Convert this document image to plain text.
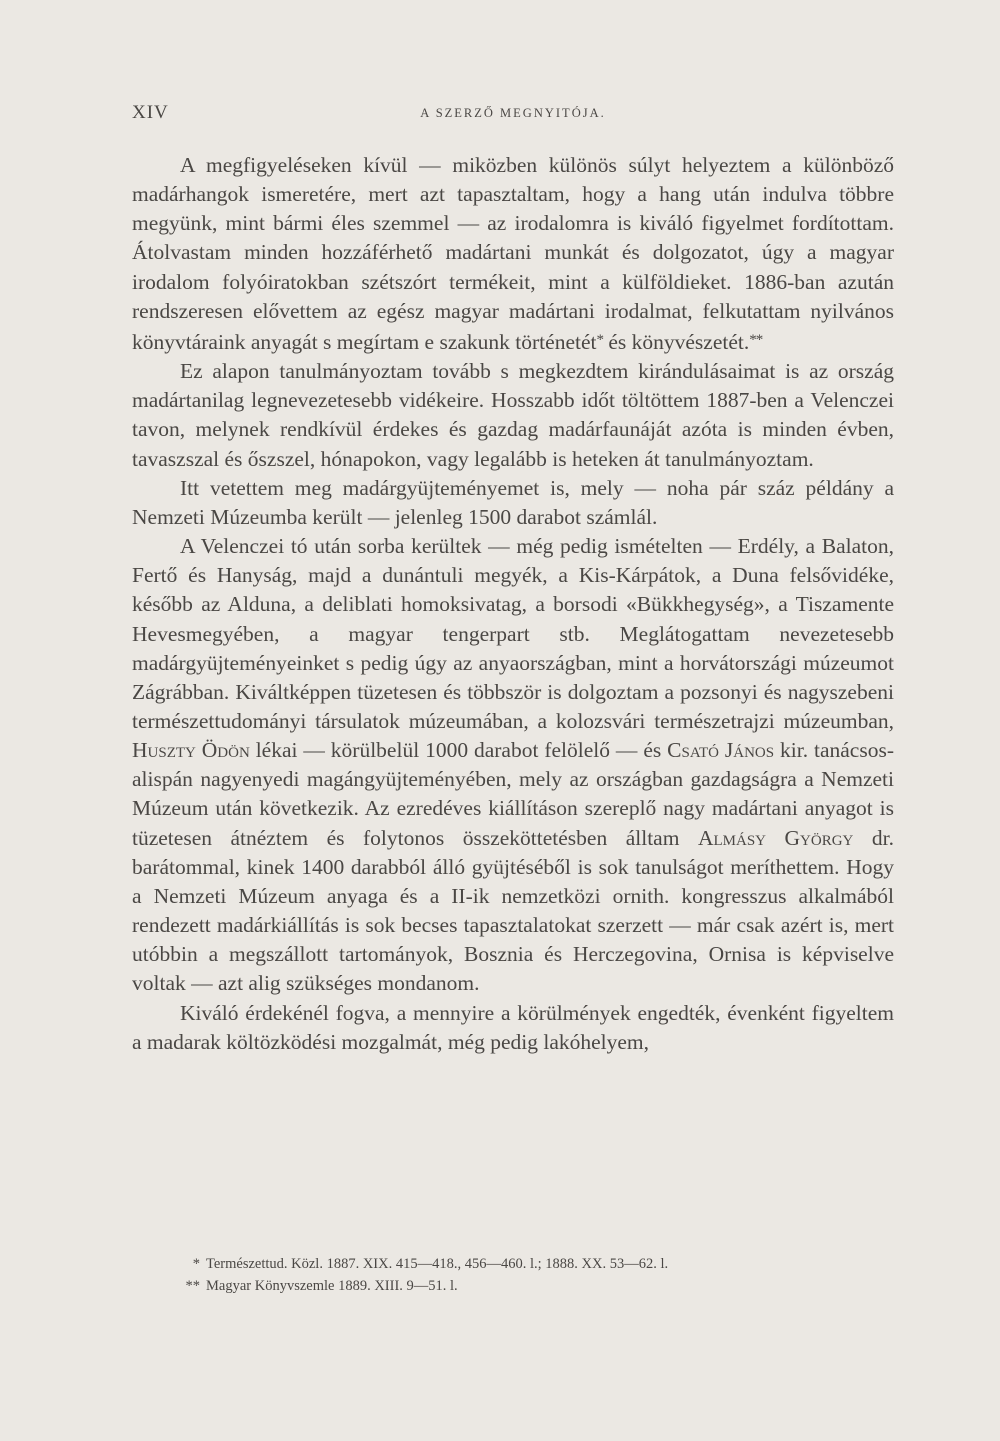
XIV	A SZERZŐ MEGNYITÓJA.

A megfigyeléseken kívül — miközben különös súlyt helyeztem a különböző madárhangok ismeretére, mert azt tapasztaltam, hogy a hang után indulva többre megyünk, mint bármi éles szemmel — az irodalomra is kiváló figyelmet fordítottam. Átolvastam minden hozzáférhető madártani munkát és dolgozatot, úgy a magyar irodalom folyóiratokban szétszórt termékeit, mint a külföldieket. 1886-ban azután rendszeresen elővettem az egész magyar madártani irodalmat, felkutattam nyilvános könyvtáraink anyagát s megírtam e szakunk történetét* és könyvészetét.**

Ez alapon tanulmányoztam tovább s megkezdtem kirándulásaimat is az ország madártanilag legnevezetesebb vidékeire. Hosszabb időt töltöttem 1887-ben a Velenczei tavon, melynek rendkívül érdekes és gazdag madárfaunáját azóta is minden évben, tavaszszal és őszszel, hónapokon, vagy legalább is heteken át tanulmányoztam.

Itt vetettem meg madárgyüjteményemet is, mely — noha pár száz példány a Nemzeti Múzeumba került — jelenleg 1500 darabot számlál.

A Velenczei tó után sorba kerültek — még pedig ismételten — Erdély, a Balaton, Fertő és Hanyság, majd a dunántuli megyék, a Kis-Kárpátok, a Duna felsővidéke, később az Alduna, a deliblati homoksivatag, a borsodi «Bükkhegység», a Tiszamente Hevesmegyében, a magyar tengerpart stb. Meglátogattam nevezetesebb madárgyüjteményeinket s pedig úgy az anyaországban, mint a horvátországi múzeumot Zágrábban. Kiváltképpen tüzetesen és többször is dolgoztam a pozsonyi és nagyszebeni természettudományi társulatok múzeumában, a kolozsvári természetrajzi múzeumban, Huszty Ödön lékai — körülbelül 1000 darabot felölelő — és Csató János kir. tanácsos-alispán nagyenyedi magángyüjteményében, mely az országban gazdagságra a Nemzeti Múzeum után következik. Az ezredéves kiállításon szereplő nagy madártani anyagot is tüzetesen átnéztem és folytonos összeköttetésben álltam Almásy György dr. barátommal, kinek 1400 darabból álló gyüjtéséből is sok tanulságot meríthettem. Hogy a Nemzeti Múzeum anyaga és a II-ik nemzetközi ornith. kongresszus alkalmából rendezett madárkiállítás is sok becses tapasztalatokat szerzett — már csak azért is, mert utóbbin a megszállott tartományok, Bosznia és Herczegovina, Ornisa is képviselve voltak — azt alig szükséges mondanom.

Kiváló érdekénél fogva, a mennyire a körülmények engedték, évenként figyeltem a madarak költözködési mozgalmát, még pedig lakóhelyem,

* Természettud. Közl. 1887. XIX. 415—418., 456—460. l.; 1888. XX. 53—62. l.
** Magyar Könyvszemle 1889. XIII. 9—51. l.
